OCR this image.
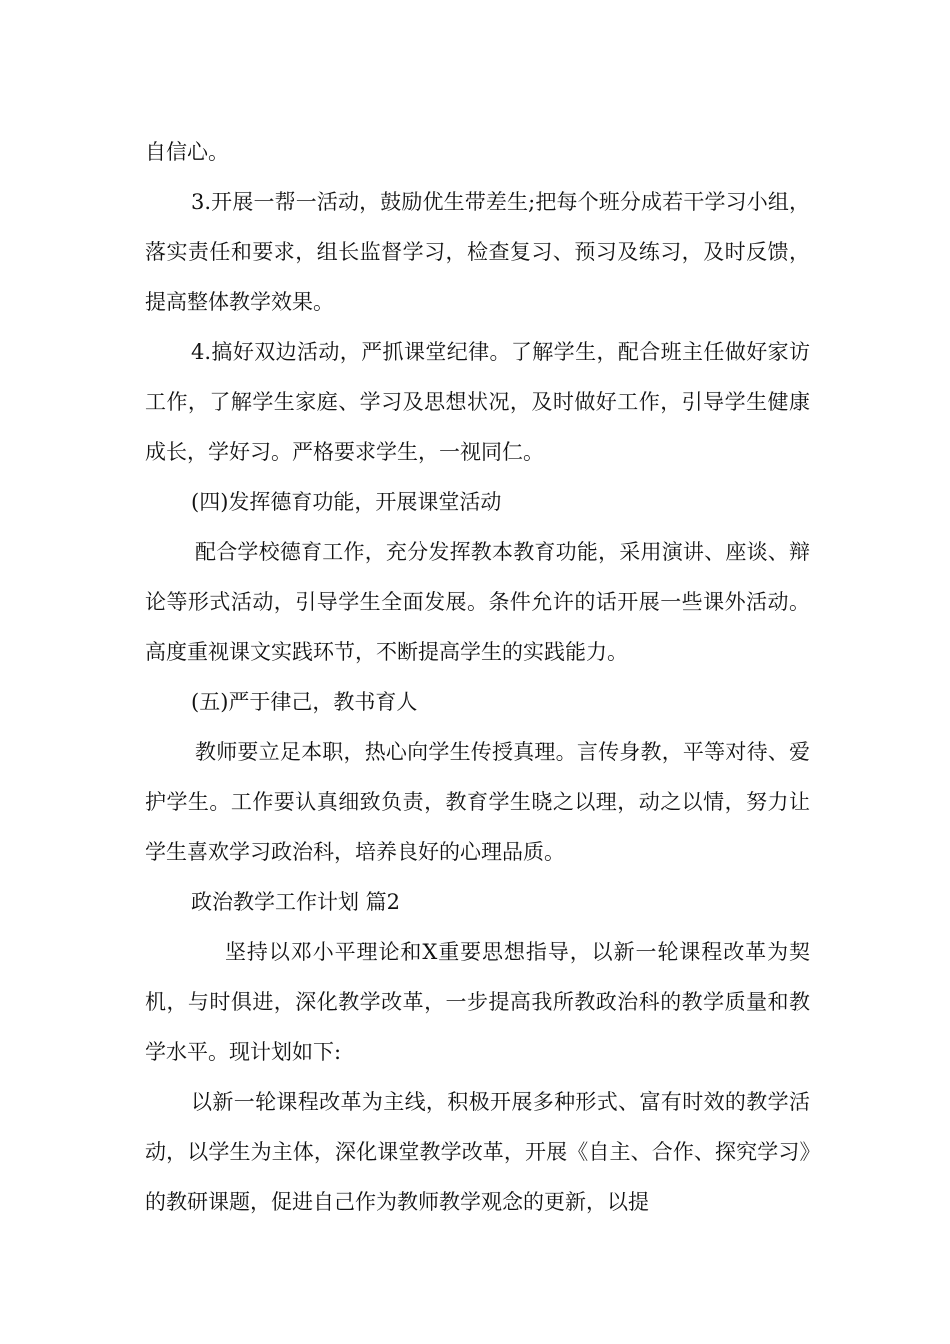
自信心。

3.开展一帮一活动，鼓励优生带差生;把每个班分成若干学习小组，落实责任和要求，组长监督学习，检查复习、预习及练习，及时反馈，提高整体教学效果。

4.搞好双边活动，严抓课堂纪律。了解学生，配合班主任做好家访工作，了解学生家庭、学习及思想状况，及时做好工作，引导学生健康成长，学好习。严格要求学生，一视同仁。

(四)发挥德育功能，开展课堂活动

配合学校德育工作，充分发挥教本教育功能，采用演讲、座谈、辩论等形式活动，引导学生全面发展。条件允许的话开展一些课外活动。高度重视课文实践环节，不断提高学生的实践能力。

(五)严于律己，教书育人

教师要立足本职，热心向学生传授真理。言传身教，平等对待、爱护学生。工作要认真细致负责，教育学生晓之以理，动之以情，努力让学生喜欢学习政治科，培养良好的心理品质。

政治教学工作计划 篇2

坚持以邓小平理论和X重要思想指导，以新一轮课程改革为契机，与时俱进，深化教学改革，一步提高我所教政治科的教学质量和教学水平。现计划如下:

以新一轮课程改革为主线，积极开展多种形式、富有时效的教学活动，以学生为主体，深化课堂教学改革，开展《自主、合作、探究学习》的教研课题，促进自己作为教师教学观念的更新，以提
